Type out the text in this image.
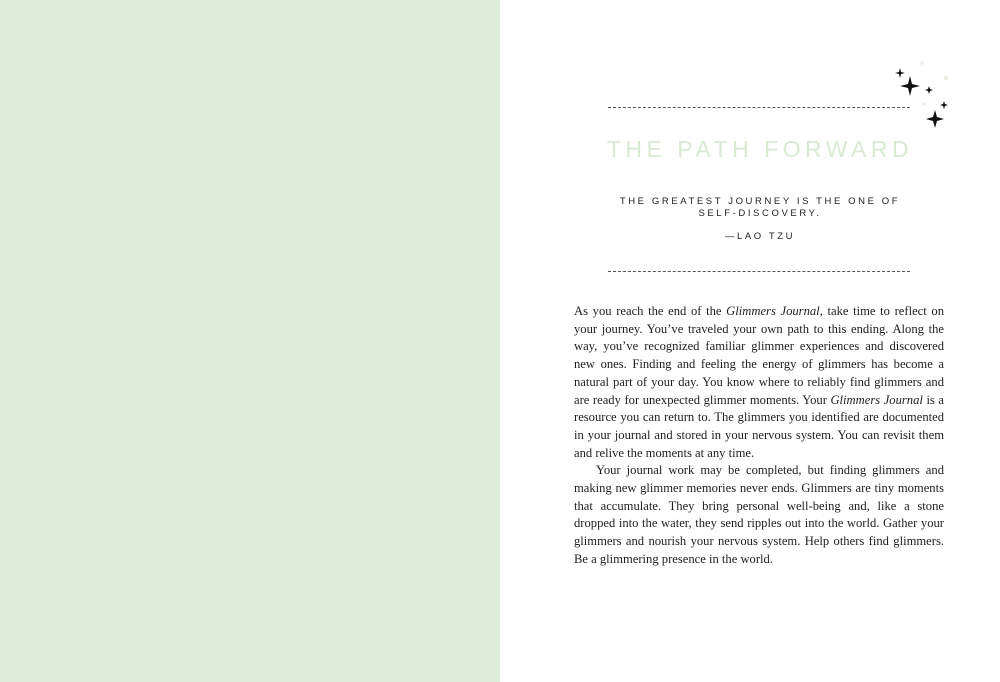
THE PATH FORWARD
THE GREATEST JOURNEY IS THE ONE OF
SELF-DISCOVERY.
—LAO TZU

As you reach the end of the Glimmers Journal, take time to reflect on your journey. You’ve traveled your own path to this ending. Along the way, you’ve recognized familiar glimmer experiences and discovered new ones. Finding and feeling the energy of glimmers has become a natural part of your day. You know where to reliably find glimmers and are ready for unexpected glimmer moments. Your Glimmers Journal is a resource you can return to. The glimmers you identified are documented in your journal and stored in your nervous system. You can revisit them and relive the moments at any time.

Your journal work may be completed, but finding glimmers and making new glimmer memories never ends. Glimmers are tiny moments that accumulate. They bring personal well-being and, like a stone dropped into the water, they send ripples out into the world. Gather your glimmers and nourish your nervous system. Help others find glimmers. Be a glimmering presence in the world.
